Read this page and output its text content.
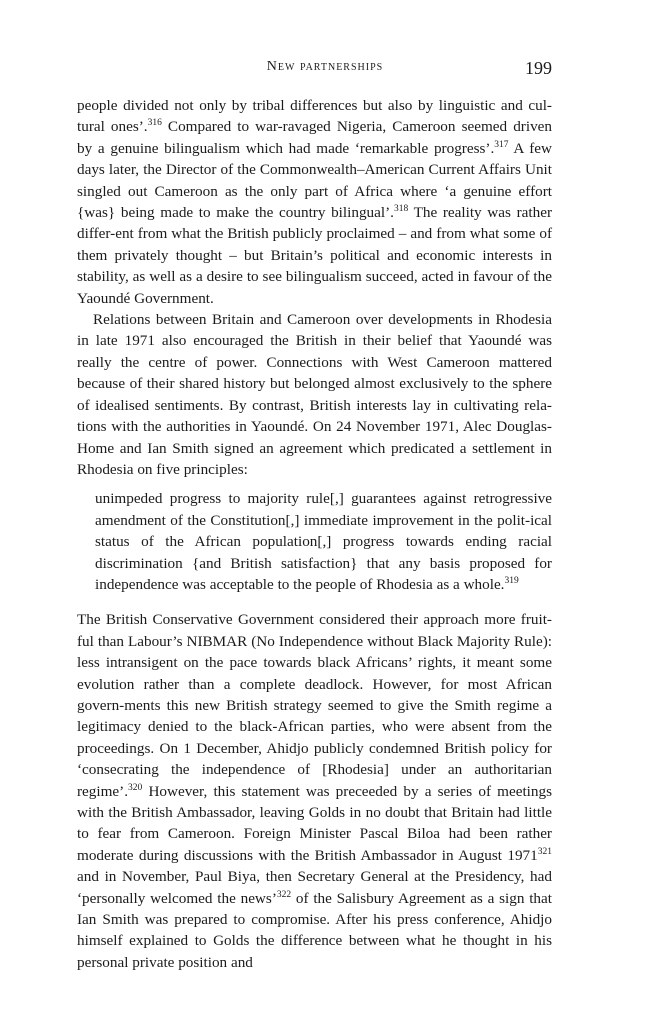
New partnerships	199

people divided not only by tribal differences but also by linguistic and cul-tural ones’.$^{316}$ Compared to war-ravaged Nigeria, Cameroon seemed driven by a genuine bilingualism which had made ‘remarkable progress’.$^{317}$ A few days later, the Director of the Commonwealth–American Current Affairs Unit singled out Cameroon as the only part of Africa where ‘a genuine effort {was} being made to make the country bilingual’.$^{318}$ The reality was rather differ-ent from what the British publicly proclaimed – and from what some of them privately thought – but Britain’s political and economic interests in stability, as well as a desire to see bilingualism succeed, acted in favour of the Yaoundé Government.

Relations between Britain and Cameroon over developments in Rhodesia in late 1971 also encouraged the British in their belief that Yaoundé was really the centre of power. Connections with West Cameroon mattered because of their shared history but belonged almost exclusively to the sphere of idealised sentiments. By contrast, British interests lay in cultivating rela-tions with the authorities in Yaoundé. On 24 November 1971, Alec Douglas-Home and Ian Smith signed an agreement which predicated a settlement in Rhodesia on five principles:

unimpeded progress to majority rule[,] guarantees against retrogressive amendment of the Constitution[,] immediate improvement in the polit-ical status of the African population[,] progress towards ending racial discrimination {and British satisfaction} that any basis proposed for independence was acceptable to the people of Rhodesia as a whole.$^{319}$

The British Conservative Government considered their approach more fruit-ful than Labour’s NIBMAR (No Independence without Black Majority Rule): less intransigent on the pace towards black Africans’ rights, it meant some evolution rather than a complete deadlock. However, for most African govern-ments this new British strategy seemed to give the Smith regime a legitimacy denied to the black-African parties, who were absent from the proceedings. On 1 December, Ahidjo publicly condemned British policy for ‘consecrating the independence of [Rhodesia] under an authoritarian regime’.$^{320}$ However, this statement was preceeded by a series of meetings with the British Ambassador, leaving Golds in no doubt that Britain had little to fear from Cameroon. Foreign Minister Pascal Biloa had been rather moderate during discussions with the British Ambassador in August 1971$^{321}$ and in November, Paul Biya, then Secretary General at the Presidency, had ‘personally welcomed the news’$^{322}$ of the Salisbury Agreement as a sign that Ian Smith was prepared to compromise. After his press conference, Ahidjo himself explained to Golds the difference between what he thought in his personal private position and
